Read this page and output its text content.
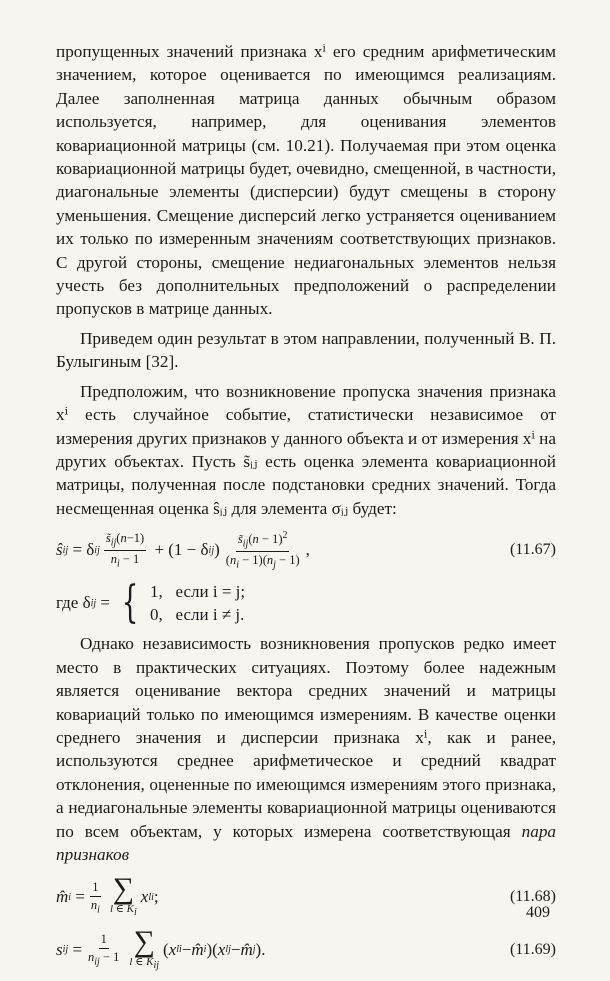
пропущенных значений признака xⁱ его средним арифметическим значением, которое оценивается по имеющимся реализациям. Далее заполненная матрица данных обычным образом используется, например, для оценивания элементов ковариационной матрицы (см. 10.21). Получаемая при этом оценка ковариационной матрицы будет, очевидно, смещенной, в частности, диагональные элементы (дисперсии) будут смещены в сторону уменьшения. Смещение дисперсий легко устраняется оцениванием их только по измеренным значениям соответствующих признаков. С другой стороны, смещение недиагональных элементов нельзя учесть без дополнительных предположений о распределении пропусков в матрице данных.

Приведем один результат в этом направлении, полученный В. П. Булыгиным [32].

Предположим, что возникновение пропуска значения признака xⁱ есть случайное событие, статистически независимое от измерения других признаков у данного объекта и от измерения xⁱ на других объектах. Пусть s̃ᵢⱼ есть оценка элемента ковариационной матрицы, полученная после подстановки средних значений. Тогда несмещенная оценка ŝᵢⱼ для элемента σᵢⱼ будет:

ŝ ij = δ ij $\frac{s̃_{ij}(n-1)}{n_i - 1} + (1 - \delta$ ij ) $\frac{s̃_{ij}(n - 1)^2}{(n_i - 1)(n_j - 1)}$ ,	(11.67)
где δ ij = { 1, если i = j;
0, если i ≠ j.

Однако независимость возникновения пропусков редко имеет место в практических ситуациях. Поэтому более надежным является оценивание вектора средних значений и матрицы ковариаций только по имеющимся измерениям. В качестве оценки среднего значения и дисперсии признака xⁱ, как и ранее, используются среднее арифметическое и средний квадрат отклонения, оцененные по имеющимся измерениям этого признака, а недиагональные элементы ковариационной матрицы оцениваются по всем объектам, у которых измерена соответствующая пара признаков

m̂ $i = \frac{1}{n_i}$ ∑
l ∈ $K_i$
x l i ;	(11.68)
s ij = $\frac{1}{n_{ij} - 1}$ ∑
l ∈ $K_{ij}$
( x l i − m̂ i )( x l j − m̂ j ).	(11.69)
409
